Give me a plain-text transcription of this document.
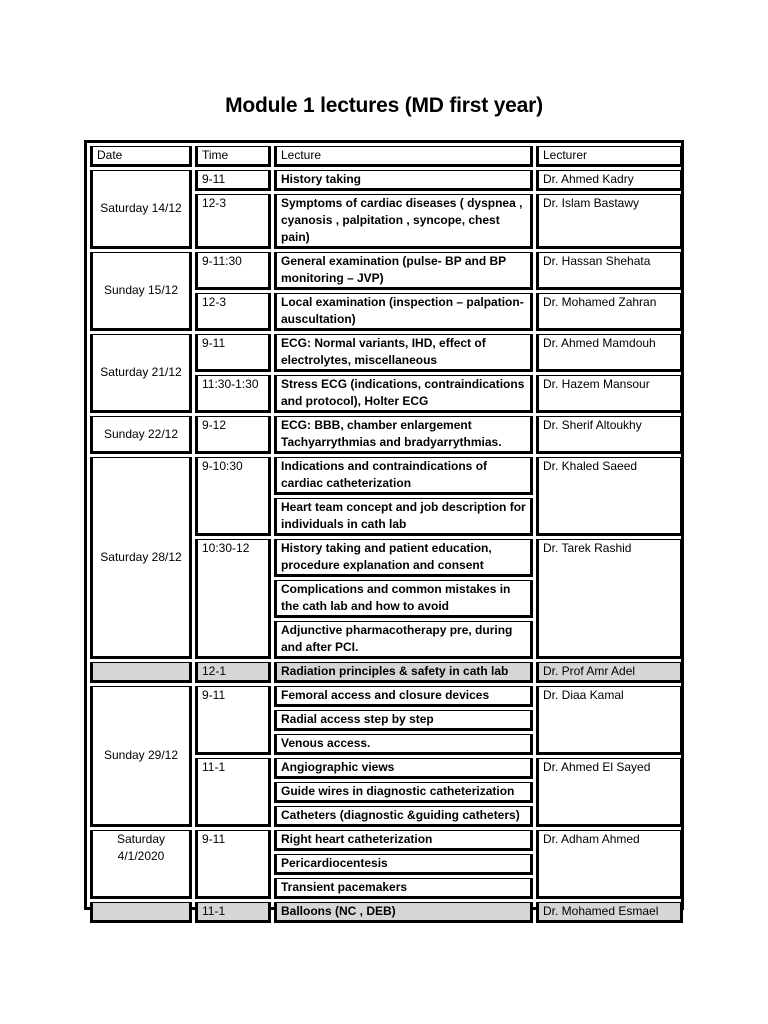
Module 1 lectures (MD first year)
Date	Time	Lecture	Lecturer
Saturday 14/12	9-11	History taking	Dr. Ahmed Kadry
	12-3	Symptoms of cardiac diseases ( dyspnea , cyanosis , palpitation , syncope, chest pain)	Dr. Islam Bastawy
Sunday 15/12	9-11:30	General examination (pulse- BP and BP monitoring – JVP)	Dr. Hassan Shehata
	12-3	Local examination (inspection – palpation- auscultation)	Dr. Mohamed Zahran
Saturday 21/12	9-11	ECG: Normal variants, IHD, effect of electrolytes, miscellaneous	Dr. Ahmed Mamdouh
	11:30-1:30	Stress ECG (indications, contraindications and protocol), Holter ECG	Dr. Hazem Mansour
Sunday 22/12	9-12	ECG: BBB, chamber enlargement Tachyarrythmias and bradyarrythmias.	Dr. Sherif Altoukhy
Saturday 28/12	9-10:30	Indications and contraindications of cardiac catheterization	Dr. Khaled Saeed
		Heart team concept and job description for individuals in cath lab	
	10:30-12	History taking and patient education, procedure explanation and consent	Dr. Tarek Rashid
		Complications and common mistakes in the cath lab and how to avoid	
		Adjunctive pharmacotherapy pre, during and after PCI.	
	12-1	Radiation principles & safety in cath lab	Dr. Prof Amr Adel
Sunday 29/12	9-11	Femoral access and closure devices	Dr. Diaa Kamal
		Radial access step by step	
		Venous access.	
	11-1	Angiographic views	Dr. Ahmed El Sayed
		Guide wires in diagnostic catheterization	
		Catheters (diagnostic &guiding catheters)	
Saturday 4/1/2020	9-11	Right heart catheterization	Dr. Adham Ahmed
		Pericardiocentesis	
		Transient pacemakers	
	11-1	Balloons (NC , DEB)	Dr. Mohamed Esmael
